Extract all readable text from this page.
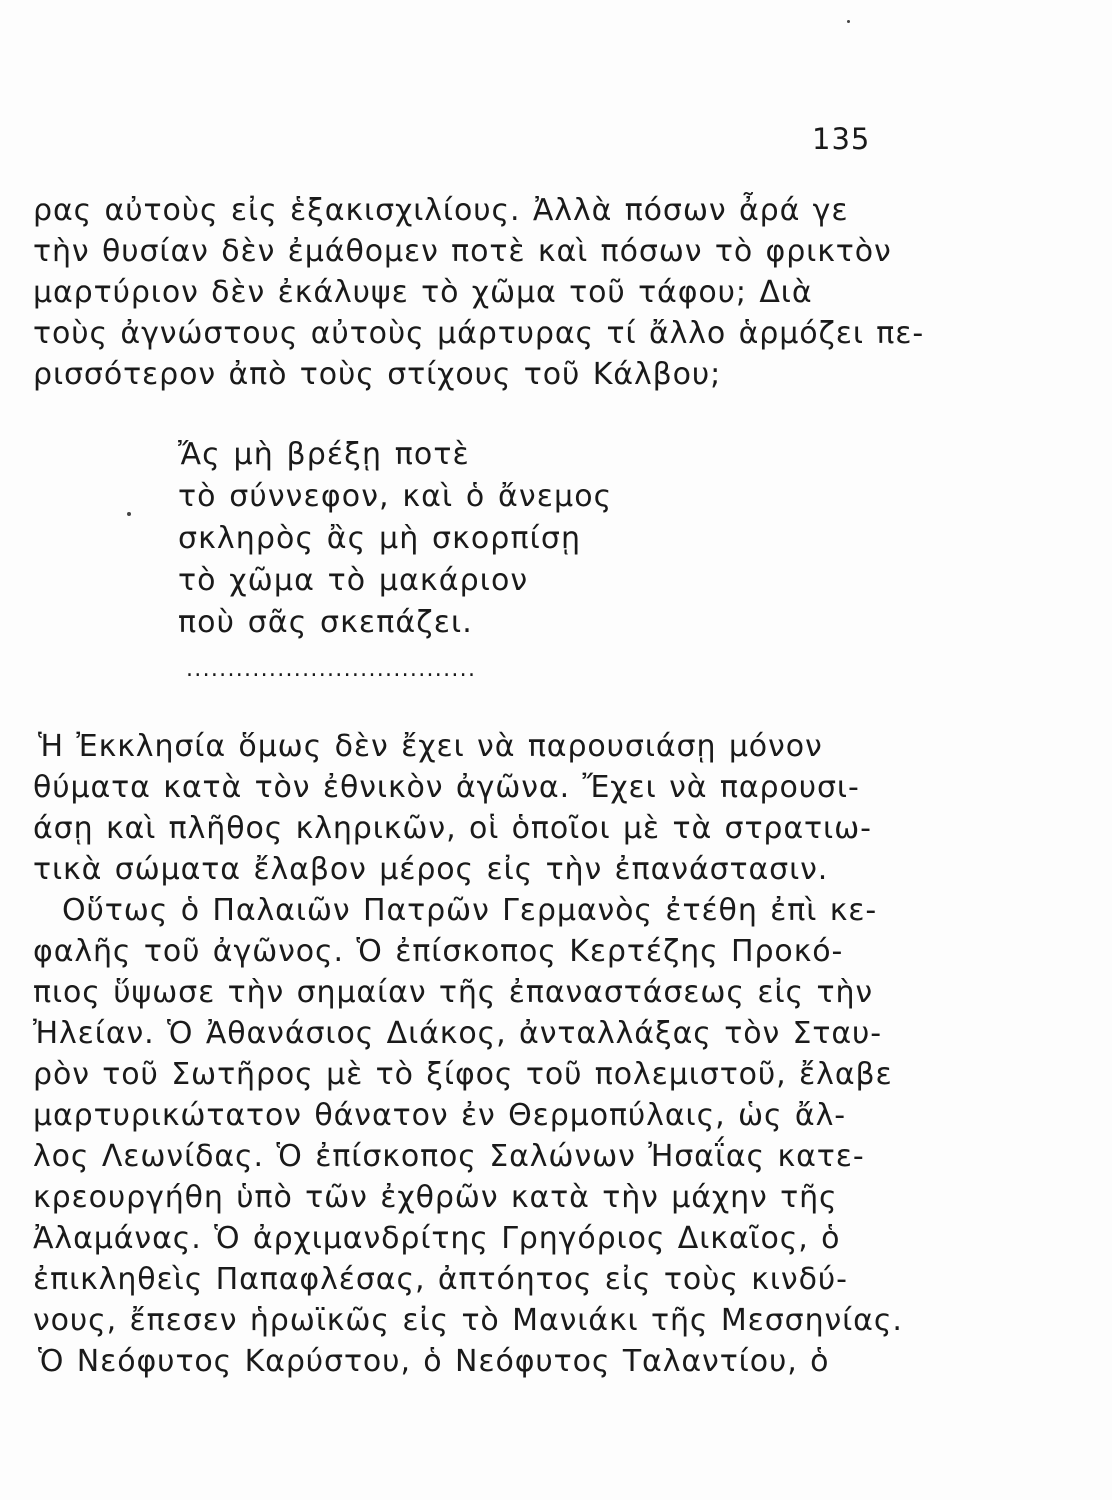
135
ρας αὐτοὺς εἰς ἑξακισχιλίους. Ἀλλὰ πόσων ἆρά γε
τὴν θυσίαν δὲν ἐμάθομεν ποτὲ καὶ πόσων τὸ φρικτὸν
μαρτύριον δὲν ἐκάλυψε τὸ χῶμα τοῦ τάφου; Διὰ
τοὺς ἀγνώστους αὐτοὺς μάρτυρας τί ἄλλο ἁρμόζει πε-
ρισσότερον ἀπὸ τοὺς στίχους τοῦ Κάλβου;
Ἄς μὴ βρέξῃ ποτὲ
τὸ σύννεφον, καὶ ὁ ἄνεμος
σκληρὸς ἂς μὴ σκορπίσῃ
τὸ χῶμα τὸ μακάριον
ποὺ σᾶς σκεπάζει.
...................................
Ἡ Ἐκκλησία ὅμως δὲν ἔχει νὰ παρουσιάσῃ μόνον
θύματα κατὰ τὸν ἐθνικὸν ἀγῶνα. Ἔχει νὰ παρουσι-
άσῃ καὶ πλῆθος κληρικῶν, οἱ ὁποῖοι μὲ τὰ στρατιω-
τικὰ σώματα ἔλαβον μέρος εἰς τὴν ἐπανάστασιν.
Οὕτως ὁ Παλαιῶν Πατρῶν Γερμανὸς ἐτέθη ἐπὶ κε-
φαλῆς τοῦ ἀγῶνος. Ὁ ἐπίσκοπος Κερτέζης Προκό-
πιος ὕψωσε τὴν σημαίαν τῆς ἐπαναστάσεως εἰς τὴν
Ἠλείαν. Ὁ Ἀθανάσιος Διάκος, ἀνταλλάξας τὸν Σταυ-
ρὸν τοῦ Σωτῆρος μὲ τὸ ξίφος τοῦ πολεμιστοῦ, ἔλαβε
μαρτυρικώτατον θάνατον ἐν Θερμοπύλαις, ὡς ἄλ-
λος Λεωνίδας. Ὁ ἐπίσκοπος Σαλώνων Ἠσαΐας κατε-
κρεουργήθη ὑπὸ τῶν ἐχθρῶν κατὰ τὴν μάχην τῆς
Ἀλαμάνας. Ὁ ἀρχιμανδρίτης Γρηγόριος Δικαῖος, ὁ
ἐπικληθεὶς Παπαφλέσας, ἀπτόητος εἰς τοὺς κινδύ-
νους, ἔπεσεν ἡρωϊκῶς εἰς τὸ Μανιάκι τῆς Μεσσηνίας.
Ὁ Νεόφυτος Καρύστου, ὁ Νεόφυτος Ταλαντίου, ὁ
